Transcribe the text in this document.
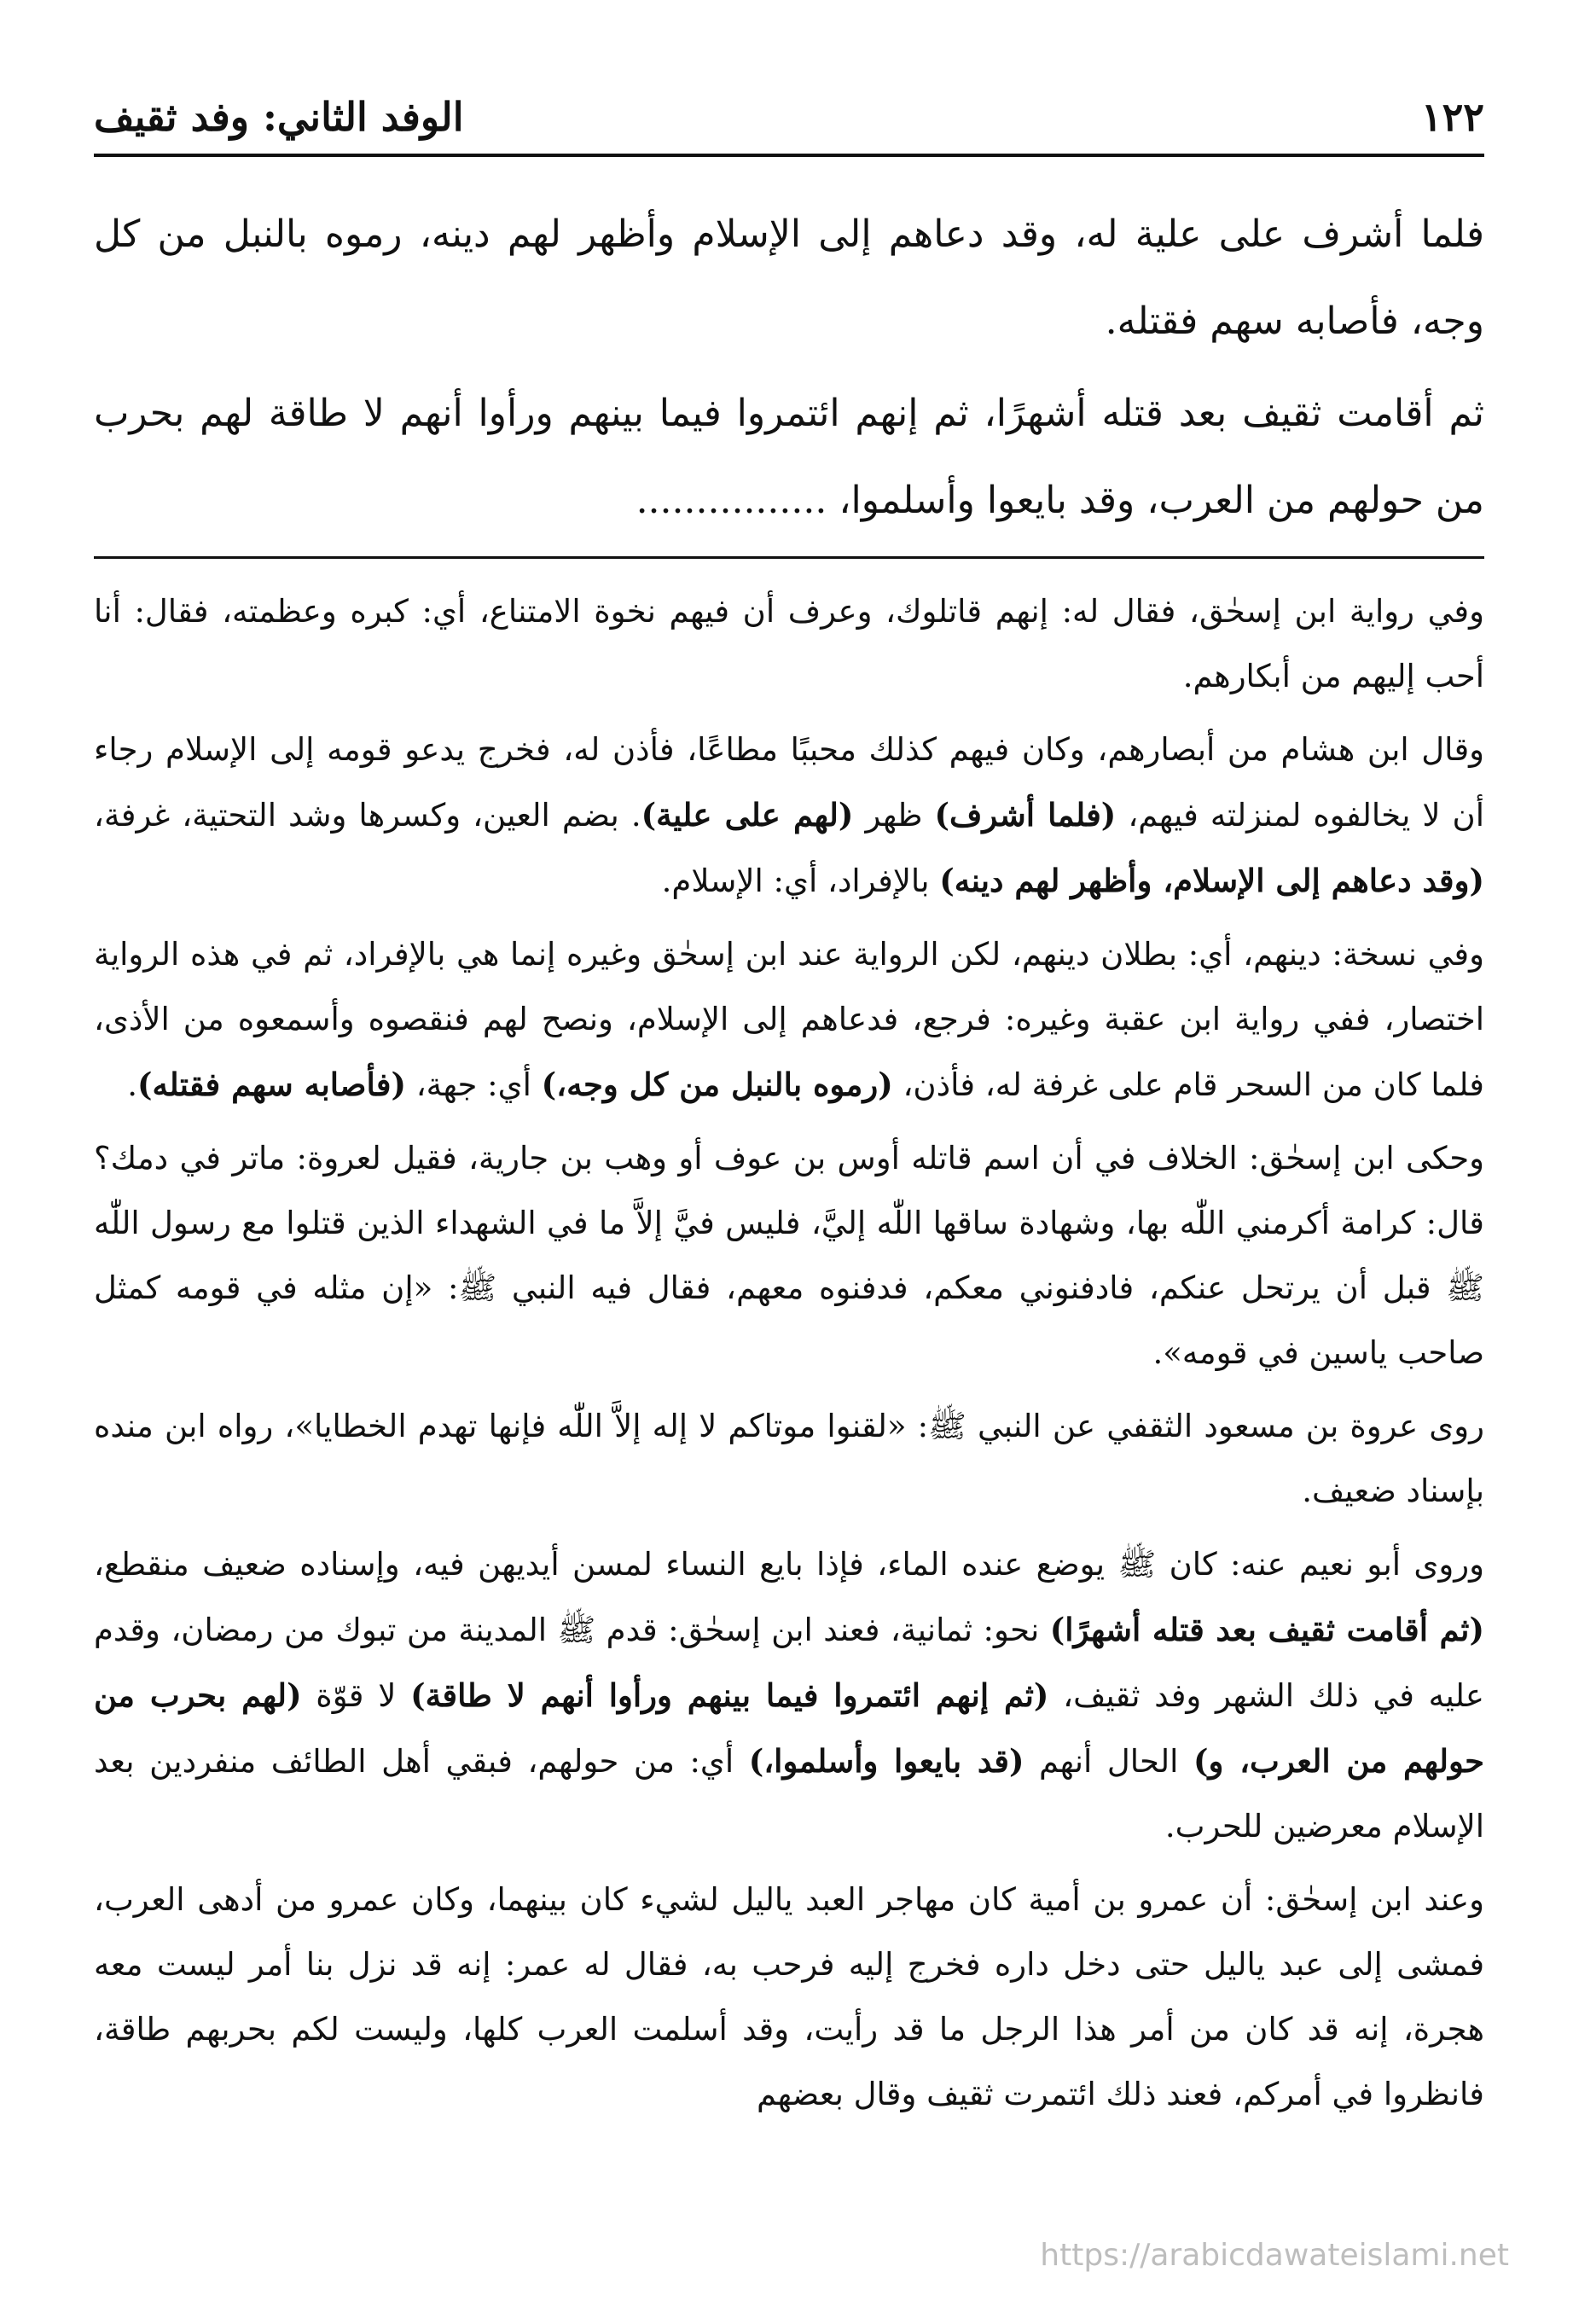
١٢٢
الوفد الثاني: وفد ثقيف

فلما أشرف على علية له، وقد دعاهم إلى الإسلام وأظهر لهم دينه، رموه بالنبل من كل وجه، فأصابه سهم فقتله.

ثم أقامت ثقيف بعد قتله أشهرًا، ثم إنهم ائتمروا فيما بينهم ورأوا أنهم لا طاقة لهم بحرب من حولهم من العرب، وقد بايعوا وأسلموا، ................

وفي رواية ابن إسحٰق، فقال له: إنهم قاتلوك، وعرف أن فيهم نخوة الامتناع، أي: كبره وعظمته، فقال: أنا أحب إليهم من أبكارهم.

وقال ابن هشام من أبصارهم، وكان فيهم كذلك محببًا مطاعًا، فأذن له، فخرج يدعو قومه إلى الإسلام رجاء أن لا يخالفوه لمنزلته فيهم، (فلما أشرف) ظهر (لهم على علية). بضم العين، وكسرها وشد التحتية، غرفة، (وقد دعاهم إلى الإسلام، وأظهر لهم دينه) بالإفراد، أي: الإسلام.

وفي نسخة: دينهم، أي: بطلان دينهم، لكن الرواية عند ابن إسحٰق وغيره إنما هي بالإفراد، ثم في هذه الرواية اختصار، ففي رواية ابن عقبة وغيره: فرجع، فدعاهم إلى الإسلام، ونصح لهم فنقصوه وأسمعوه من الأذى، فلما كان من السحر قام على غرفة له، فأذن، (رموه بالنبل من كل وجه،) أي: جهة، (فأصابه سهم فقتله).

وحكى ابن إسحٰق: الخلاف في أن اسم قاتله أوس بن عوف أو وهب بن جارية، فقيل لعروة: ماتر في دمك؟ قال: كرامة أكرمني اللّٰه بها، وشهادة ساقها اللّٰه إليَّ، فليس فيَّ إلاَّ ما في الشهداء الذين قتلوا مع رسول اللّٰه ﷺ قبل أن يرتحل عنكم، فادفنوني معكم، فدفنوه معهم، فقال فيه النبي ﷺ: «إن مثله في قومه كمثل صاحب ياسين في قومه».

روى عروة بن مسعود الثقفي عن النبي ﷺ: «لقنوا موتاكم لا إله إلاَّ اللّٰه فإنها تهدم الخطايا»، رواه ابن منده بإسناد ضعيف.

وروى أبو نعيم عنه: كان ﷺ يوضع عنده الماء، فإذا بايع النساء لمسن أيديهن فيه، وإسناده ضعيف منقطع، (ثم أقامت ثقيف بعد قتله أشهرًا) نحو: ثمانية، فعند ابن إسحٰق: قدم ﷺ المدينة من تبوك من رمضان، وقدم عليه في ذلك الشهر وفد ثقيف، (ثم إنهم ائتمروا فيما بينهم ورأوا أنهم لا طاقة) لا قوّة (لهم بحرب من حولهم من العرب، و) الحال أنهم (قد بايعوا وأسلموا،) أي: من حولهم، فبقي أهل الطائف منفردين بعد الإسلام معرضين للحرب.

وعند ابن إسحٰق: أن عمرو بن أمية كان مهاجر العبد ياليل لشيء كان بينهما، وكان عمرو من أدهى العرب، فمشى إلى عبد ياليل حتى دخل داره فخرج إليه فرحب به، فقال له عمر: إنه قد نزل بنا أمر ليست معه هجرة، إنه قد كان من أمر هذا الرجل ما قد رأيت، وقد أسلمت العرب كلها، وليست لكم بحربهم طاقة، فانظروا في أمركم، فعند ذلك ائتمرت ثقيف وقال بعضهم

https://arabicdawateislami.net
